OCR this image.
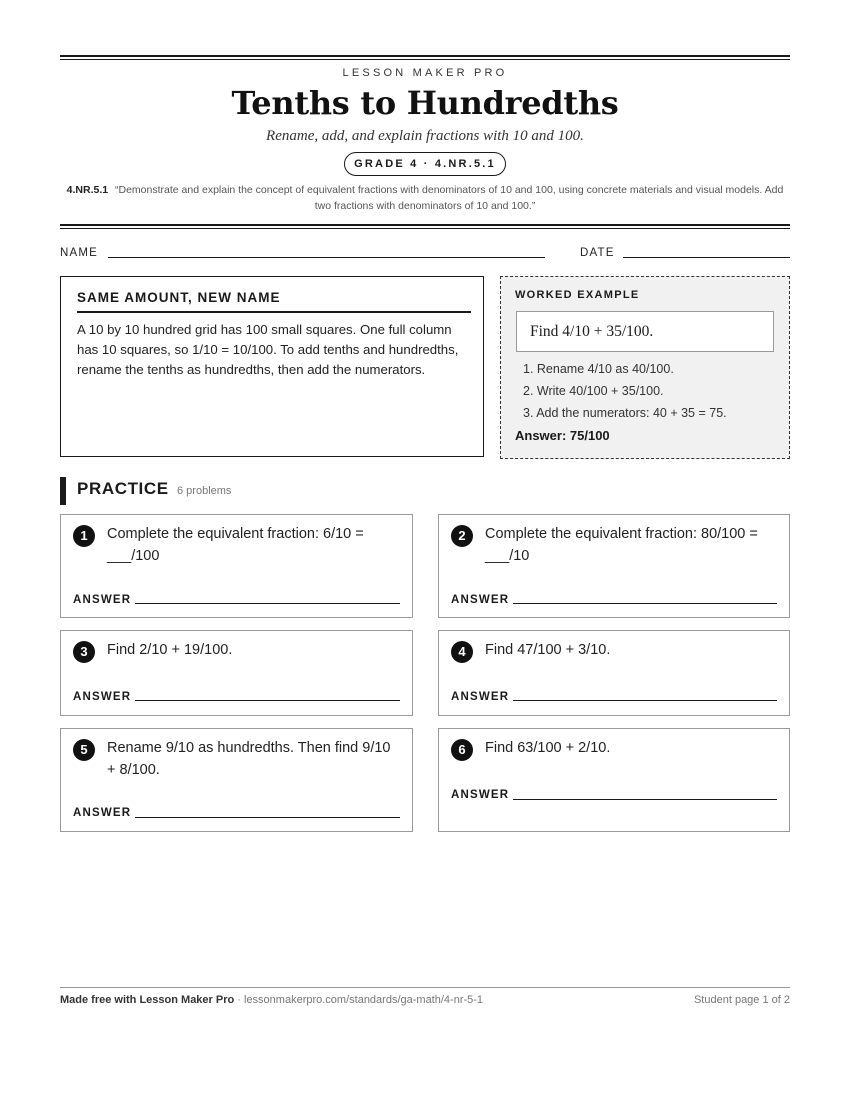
LESSON MAKER PRO
Tenths to Hundredths
Rename, add, and explain fractions with 10 and 100.
GRADE 4 · 4.NR.5.1
4.NR.5.1 “Demonstrate and explain the concept of equivalent fractions with denominators of 10 and 100, using concrete materials and visual models. Add two fractions with denominators of 10 and 100.”
NAME	DATE
SAME AMOUNT, NEW NAME
A 10 by 10 hundred grid has 100 small squares. One full column has 10 squares, so 1/10 = 10/100. To add tenths and hundredths, rename the tenths as hundredths, then add the numerators.
WORKED EXAMPLE
Find 4/10 + 35/100.
1. Rename 4/10 as 40/100.
2. Write 40/100 + 35/100.
3. Add the numerators: 40 + 35 = 75.
Answer: 75/100
PRACTICE 6 problems
1	Complete the equivalent fraction: 6/10 = ___/100
ANSWER
2	Complete the equivalent fraction: 80/100 = ___/10
ANSWER
3	Find 2/10 + 19/100.
ANSWER
4	Find 47/100 + 3/10.
ANSWER
5	Rename 9/10 as hundredths. Then find 9/10 + 8/100.
ANSWER
6	Find 63/100 + 2/10.
ANSWER
Made free with Lesson Maker Pro · lessonmakerpro.com/standards/ga-math/4-nr-5-1	Student page 1 of 2
